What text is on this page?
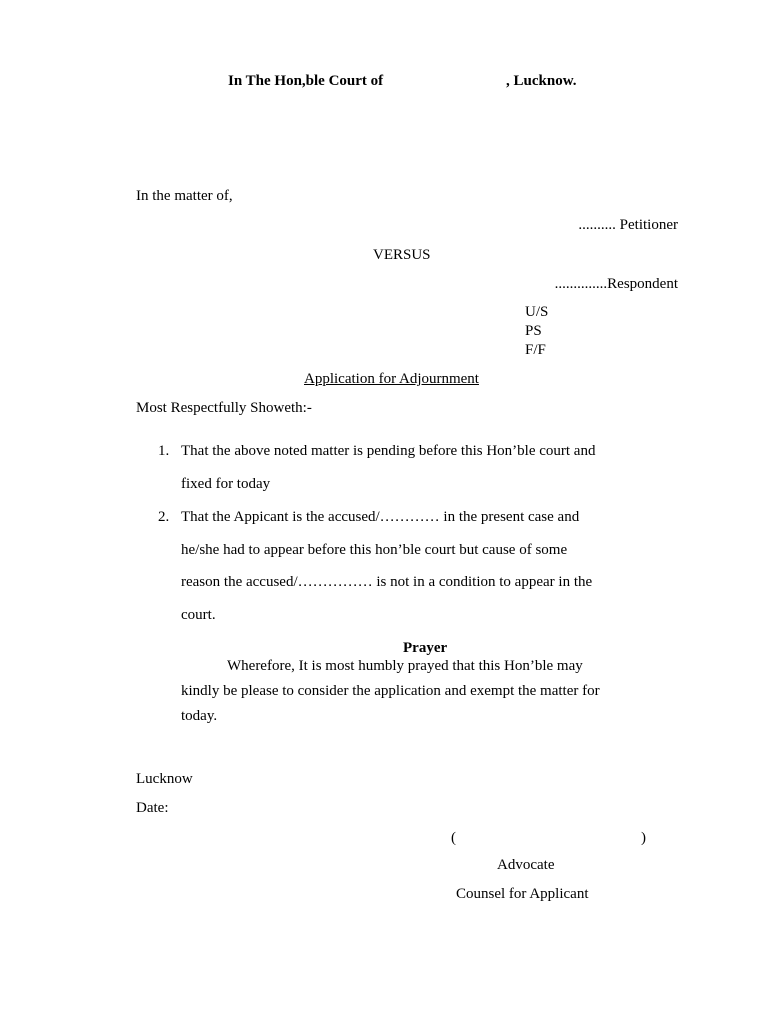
In The Hon,ble Court of	, Lucknow.
In the matter of,
.......... Petitioner
VERSUS
..............Respondent
U/S
PS
F/F
Application for Adjournment
Most Respectfully Showeth:-
1. That the above noted matter is pending before this Hon’ble court and
fixed for today
2. That the Appicant is the accused/………… in the present case and
he/she had to appear before this hon’ble court but cause of some
reason the accused/…………… is not in a condition to appear in the
court.
Prayer
Wherefore, It is most humbly prayed that this Hon’ble may
kindly be please to consider the application and exempt the matter for
today.
Lucknow
Date:
(	)
Advocate
Counsel for Applicant
